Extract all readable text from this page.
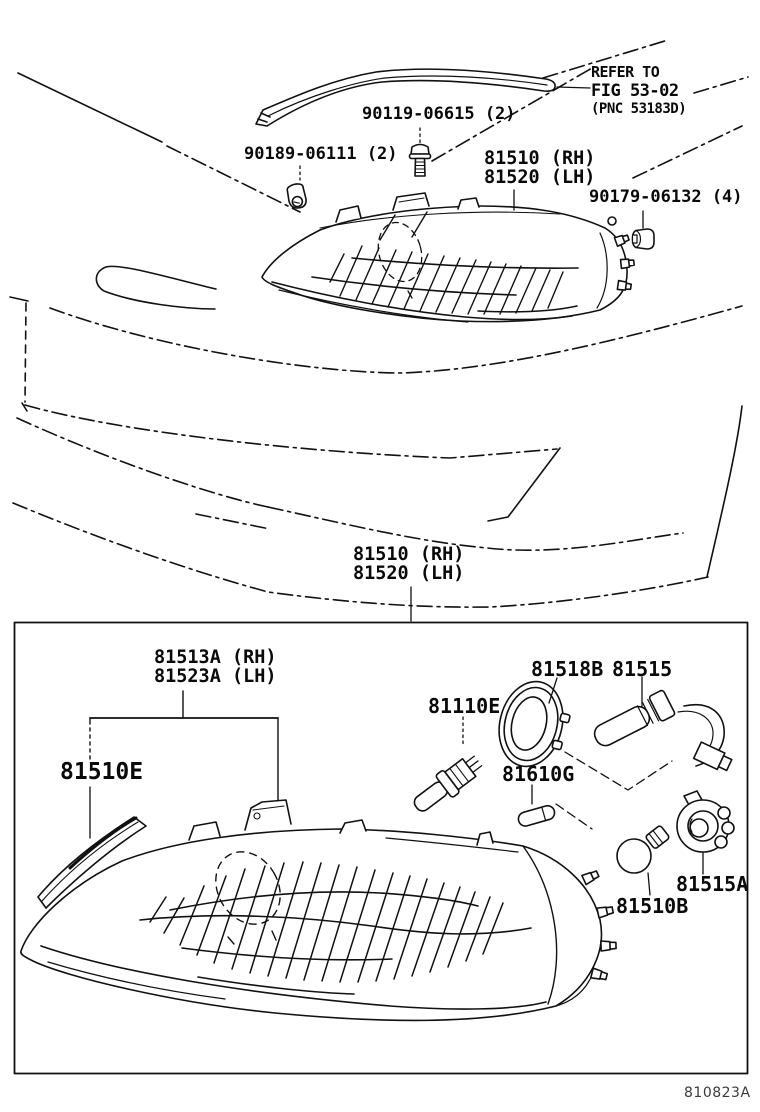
REFER TO
FIG 53-02
(PNC 53183D)
90119-06615 (2)
90189-06111 (2)	81510 (RH)
81520 (LH)
90179-06132 (4)
81510 (RH)
81520 (LH)
81513A (RH)
81523A (LH)
81510E
81110E
81518B 81515
81610G
81515A
81510B
810823A
